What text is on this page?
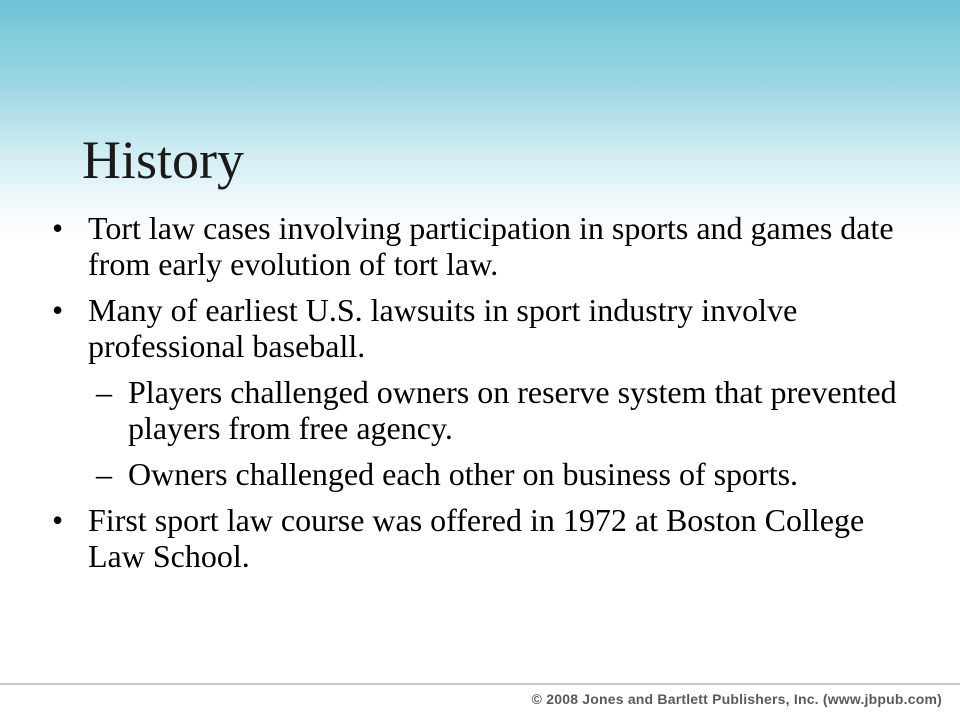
History
• Tort law cases involving participation in sports and games date from early evolution of tort law.
• Many of earliest U.S. lawsuits in sport industry involve professional baseball.
– Players challenged owners on reserve system that prevented players from free agency.
– Owners challenged each other on business of sports.
• First sport law course was offered in 1972 at Boston College Law School.
© 2008 Jones and Bartlett Publishers, Inc. (www.jbpub.com)
